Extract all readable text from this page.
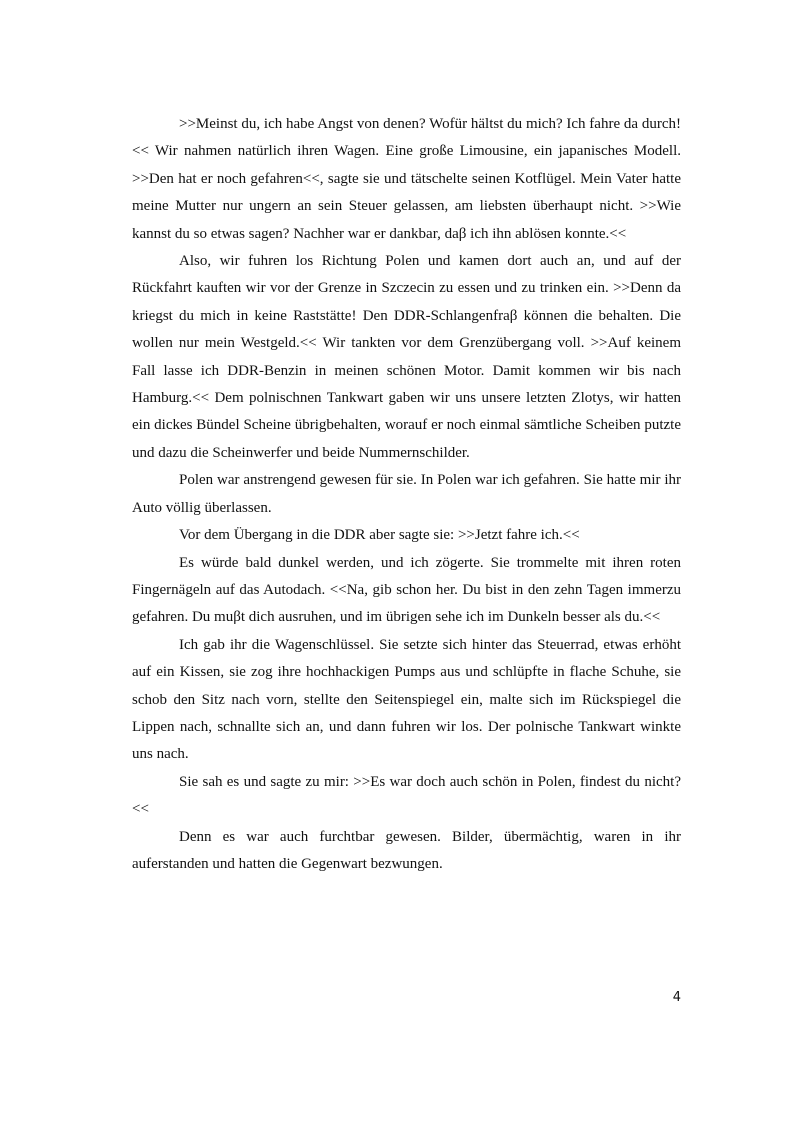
>>Meinst du, ich habe Angst von denen? Wofür hältst du mich? Ich fahre da durch!<< Wir nahmen natürlich ihren Wagen. Eine große Limousine, ein japanisches Modell. >>Den hat er noch gefahren<<, sagte sie und tätschelte seinen Kotflügel. Mein Vater hatte meine Mutter nur ungern an sein Steuer gelassen, am liebsten überhaupt nicht. >>Wie kannst du so etwas sagen? Nachher war er dankbar, daβ ich ihn ablösen konnte.<<

Also, wir fuhren los Richtung Polen und kamen dort auch an, und auf der Rückfahrt kauften wir vor der Grenze in Szczecin zu essen und zu trinken ein. >>Denn da kriegst du mich in keine Raststätte! Den DDR-Schlangenfraβ können die behalten. Die wollen nur mein Westgeld.<< Wir tankten vor dem Grenzübergang voll. >>Auf keinem Fall lasse ich DDR-Benzin in meinen schönen Motor. Damit kommen wir bis nach Hamburg.<< Dem polnischnen Tankwart gaben wir uns unsere letzten Zlotys, wir hatten ein dickes Bündel Scheine übrigbehalten, worauf er noch einmal sämtliche Scheiben putzte und dazu die Scheinwerfer und beide Nummernschilder.

Polen war anstrengend gewesen für sie. In Polen war ich gefahren. Sie hatte mir ihr Auto völlig überlassen.

Vor dem Übergang in die DDR aber sagte sie: >>Jetzt fahre ich.<<

Es würde bald dunkel werden, und ich zögerte. Sie trommelte mit ihren roten Fingernägeln auf das Autodach. <<Na, gib schon her. Du bist in den zehn Tagen immerzu gefahren. Du muβt dich ausruhen, und im übrigen sehe ich im Dunkeln besser als du.<<

Ich gab ihr die Wagenschlüssel. Sie setzte sich hinter das Steuerrad, etwas erhöht auf ein Kissen, sie zog ihre hochhackigen Pumps aus und schlüpfte in flache Schuhe, sie schob den Sitz nach vorn, stellte den Seitenspiegel ein, malte sich im Rückspiegel die Lippen nach, schnallte sich an, und dann fuhren wir los. Der polnische Tankwart winkte uns nach.

Sie sah es und sagte zu mir: >>Es war doch auch schön in Polen, findest du nicht?<<

Denn es war auch furchtbar gewesen. Bilder, übermächtig, waren in ihr auferstanden und hatten die Gegenwart bezwungen.

4
